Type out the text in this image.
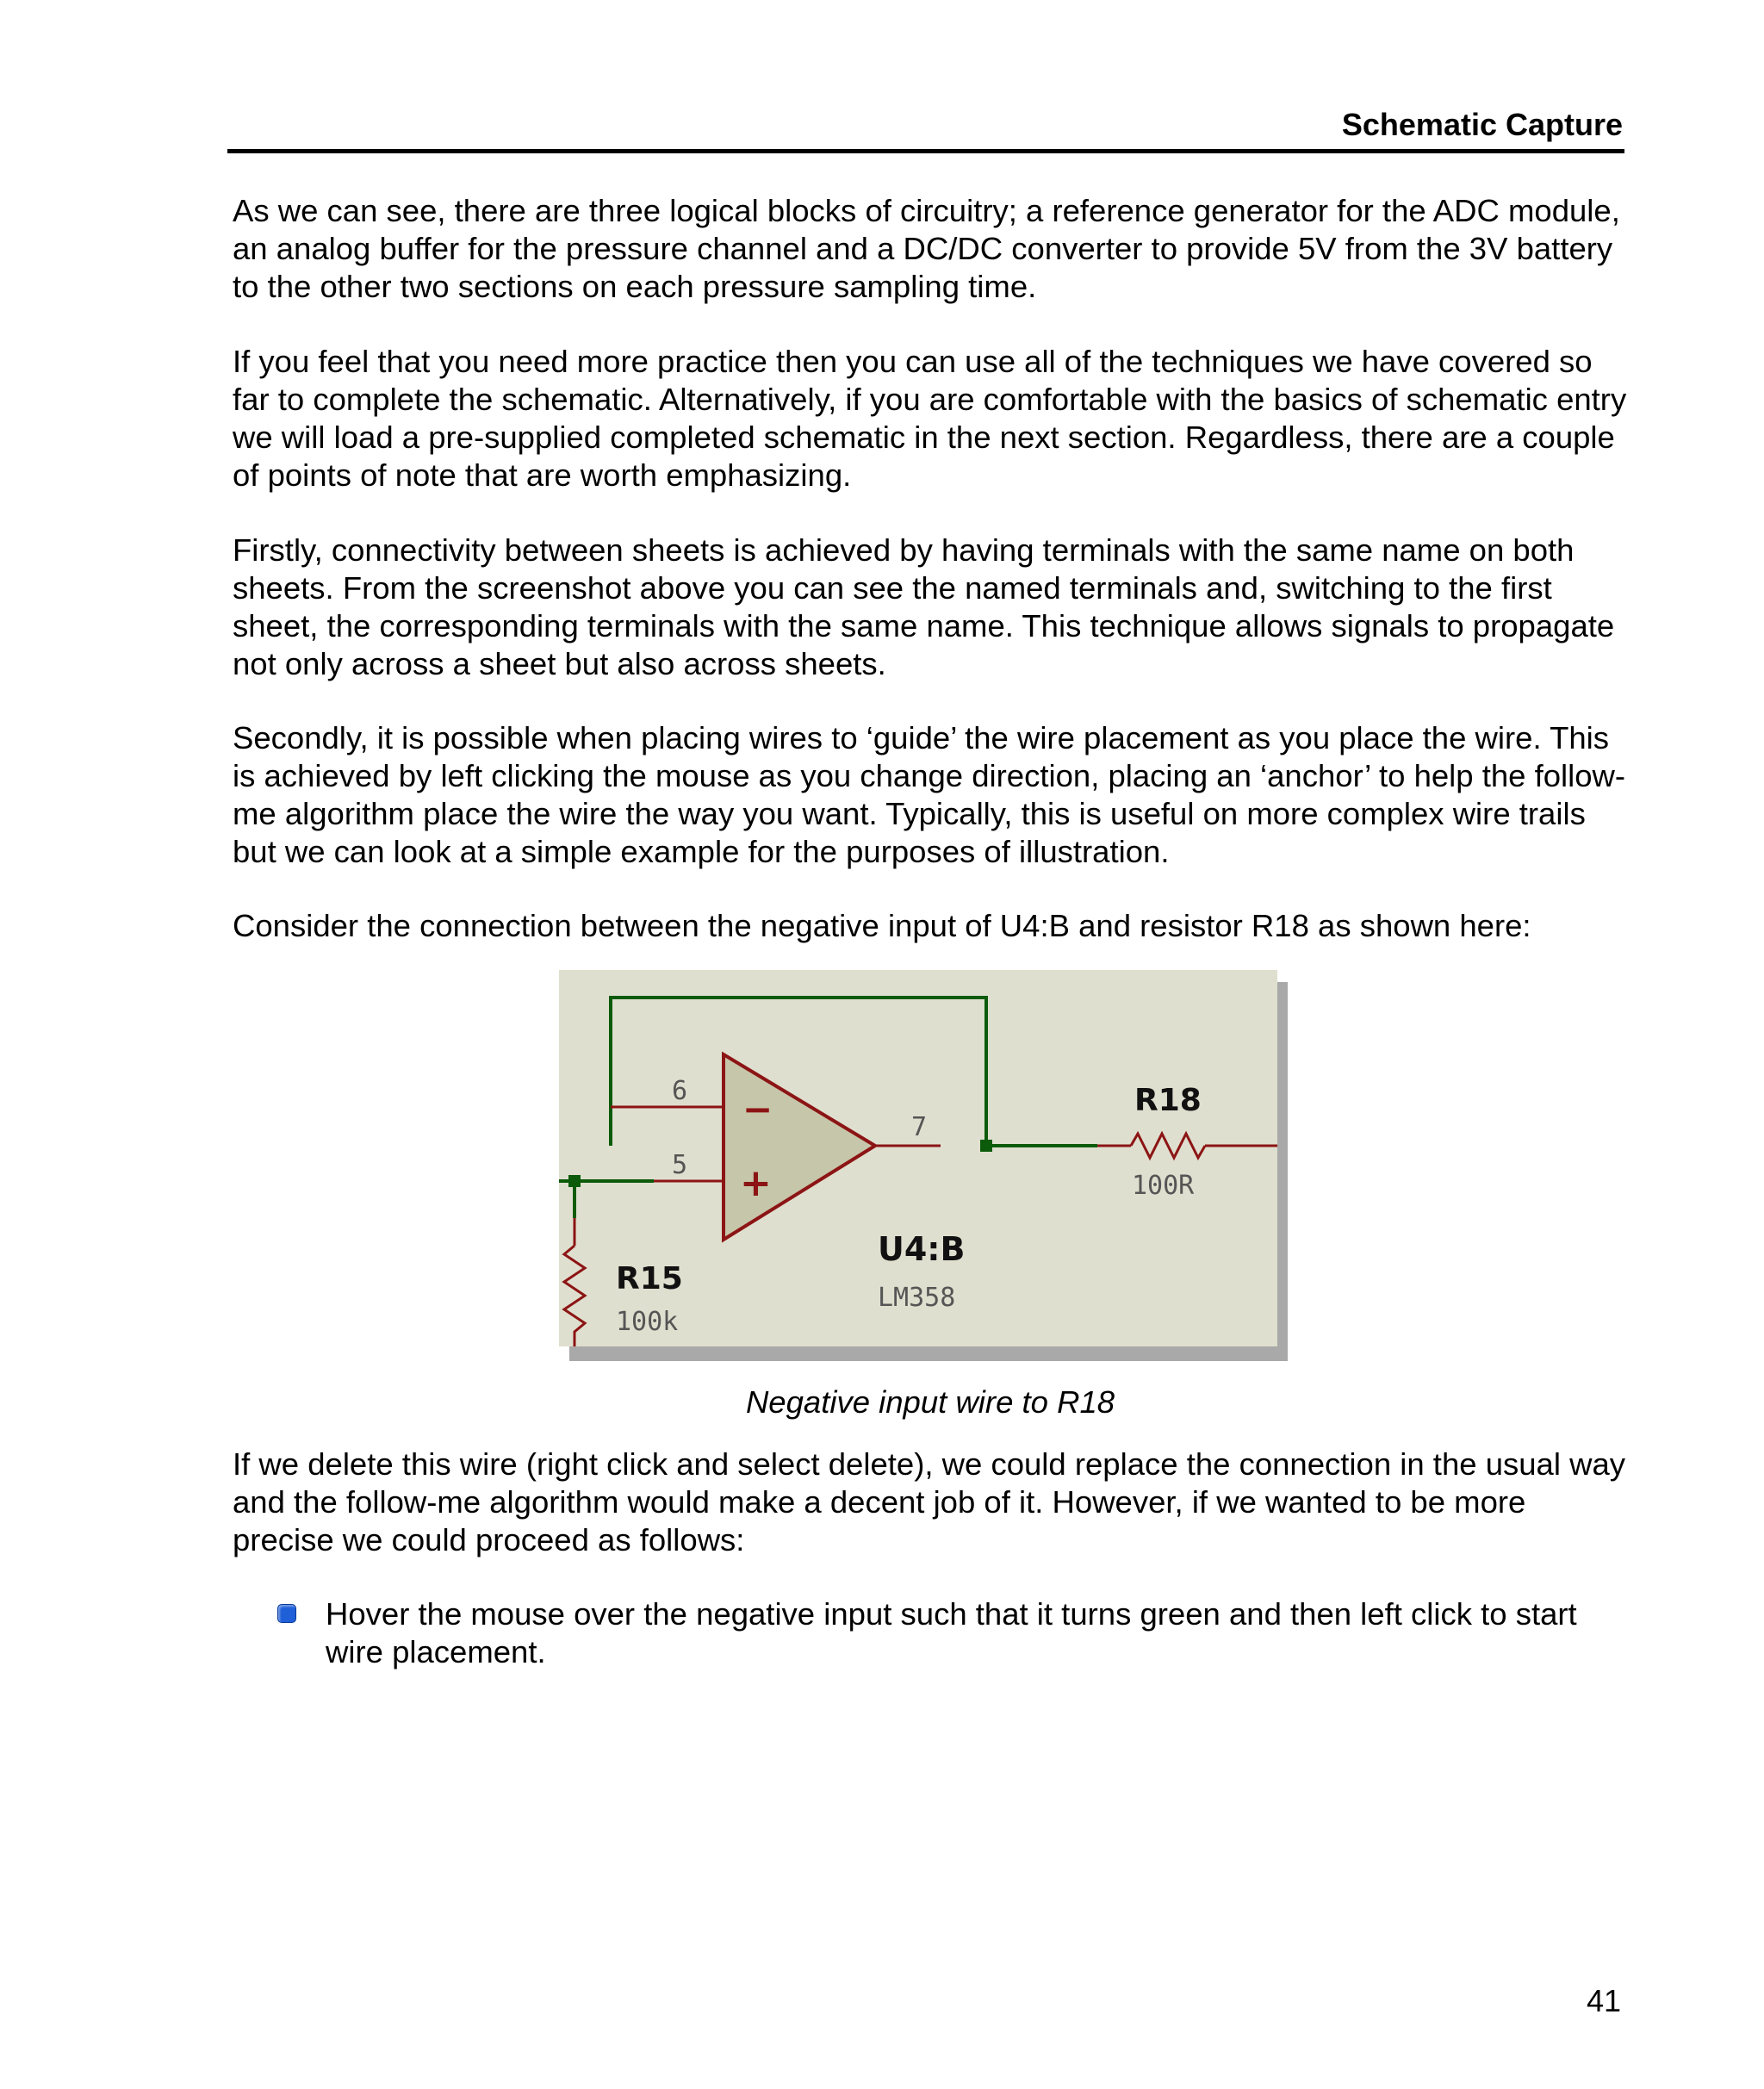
Schematic Capture

As we can see, there are three logical blocks of circuitry; a reference generator for the ADC module, an analog buffer for the pressure channel and a DC/DC converter to provide 5V from the 3V battery to the other two sections on each pressure sampling time.

If you feel that you need more practice then you can use all of the techniques we have covered so far to complete the schematic. Alternatively, if you are comfortable with the basics of schematic entry we will load a pre-supplied completed schematic in the next section. Regardless, there are a couple of points of note that are worth emphasizing.

Firstly, connectivity between sheets is achieved by having terminals with the same name on both sheets. From the screenshot above you can see the named terminals and, switching to the first sheet, the corresponding terminals with the same name. This technique allows signals to propagate not only across a sheet but also across sheets.

Secondly, it is possible when placing wires to ‘guide’ the wire placement as you place the wire. This is achieved by left clicking the mouse as you change direction, placing an ‘anchor’ to help the follow-me algorithm place the wire the way you want. Typically, this is useful on more complex wire trails but we can look at a simple example for the purposes of illustration.

Consider the connection between the negative input of U4:B and resistor R18 as shown here:

−
+
6
5
7
R18
100R
U4:B
LM358
R15
100k
Negative input wire to R18

If we delete this wire (right click and select delete), we could replace the connection in the usual way and the follow-me algorithm would make a decent job of it. However, if we wanted to be more precise we could proceed as follows:

Hover the mouse over the negative input such that it turns green and then left click to start wire placement.
41
